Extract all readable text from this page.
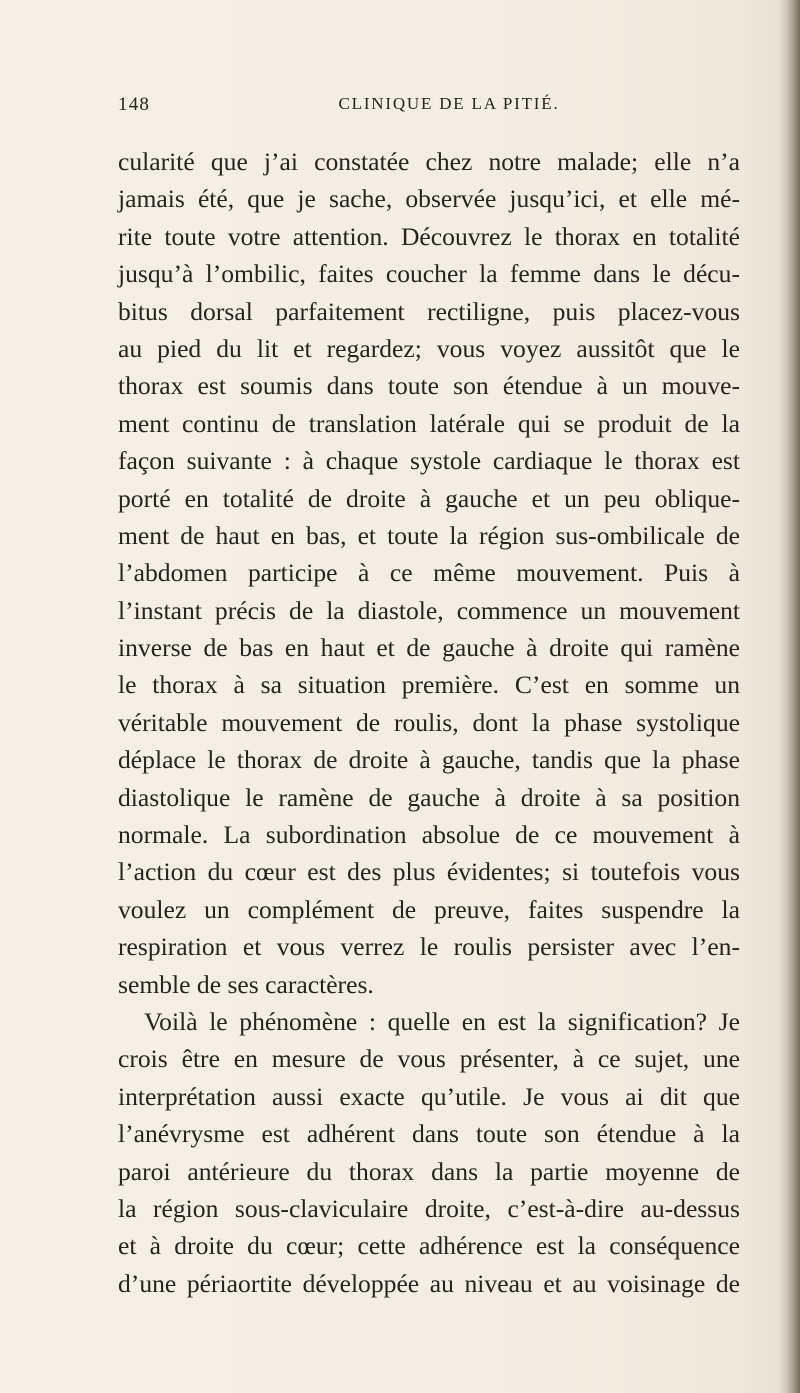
148	CLINIQUE DE LA PITIÉ.
cularité que j’ai constatée chez notre malade; elle n’a
jamais été, que je sache, observée jusqu’ici, et elle mé-
rite toute votre attention. Découvrez le thorax en totalité
jusqu’à l’ombilic, faites coucher la femme dans le décu-
bitus dorsal parfaitement rectiligne, puis placez-vous
au pied du lit et regardez; vous voyez aussitôt que le
thorax est soumis dans toute son étendue à un mouve-
ment continu de translation latérale qui se produit de la
façon suivante : à chaque systole cardiaque le thorax est
porté en totalité de droite à gauche et un peu oblique-
ment de haut en bas, et toute la région sus-ombilicale de
l’abdomen participe à ce même mouvement. Puis à
l’instant précis de la diastole, commence un mouvement
inverse de bas en haut et de gauche à droite qui ramène
le thorax à sa situation première. C’est en somme un
véritable mouvement de roulis, dont la phase systolique
déplace le thorax de droite à gauche, tandis que la phase
diastolique le ramène de gauche à droite à sa position
normale. La subordination absolue de ce mouvement à
l’action du cœur est des plus évidentes; si toutefois vous
voulez un complément de preuve, faites suspendre la
respiration et vous verrez le roulis persister avec l’en-
semble de ses caractères.
Voilà le phénomène : quelle en est la signification? Je
crois être en mesure de vous présenter, à ce sujet, une
interprétation aussi exacte qu’utile. Je vous ai dit que
l’anévrysme est adhérent dans toute son étendue à la
paroi antérieure du thorax dans la partie moyenne de
la région sous-claviculaire droite, c’est-à-dire au-dessus
et à droite du cœur; cette adhérence est la conséquence
d’une périaortite développée au niveau et au voisinage de
